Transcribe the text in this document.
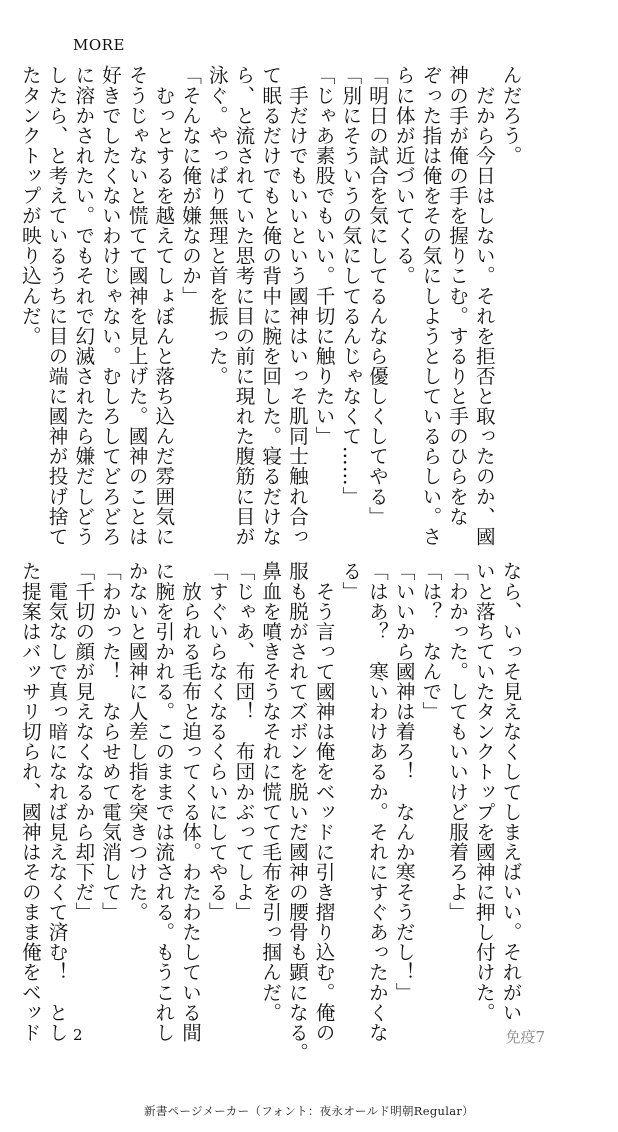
MORE
んだろう。
　だから今日はしない。それを拒否と取ったのか、國
神の手が俺の手を握りこむ。するりと手のひらをな
ぞった指は俺をその気にしようとしているらしい。さ
らに体が近づいてくる。
「明日の試合を気にしてるんなら優しくしてやる」
「別にそういうの気にしてるんじゃなくて……」
「じゃあ素股でもいい。千切に触りたい」
　手だけでもいいという國神はいっそ肌同士触れ合っ
て眠るだけでもと俺の背中に腕を回した。寝るだけな
ら、と流されていた思考に目の前に現れた腹筋に目が
泳ぐ。やっぱり無理と首を振った。
「そんなに俺が嫌なのか」
　むっとするを越えてしょぼんと落ち込んだ雰囲気に
そうじゃないと慌てて國神を見上げた。國神のことは
好きでしたくないわけじゃない。むしろしてどろどろ
に溶かされたい。でもそれで幻滅されたら嫌だしどう
したら、と考えているうちに目の端に國神が投げ捨て
たタンクトップが映り込んだ。
なら、いっそ見えなくしてしまえばいい。それがい
いと落ちていたタンクトップを國神に押し付けた。
「わかった。してもいいけど服着ろよ」
「は？　なんで」
「いいから國神は着ろ！　なんか寒そうだし！」
「はあ？　寒いわけあるか。それにすぐあったかくな
る」
　そう言って國神は俺をベッドに引き摺り込む。俺の
服も脱がされてズボンを脱いだ國神の腰骨も顕になる。
鼻血を噴きそうなそれに慌てて毛布を引っ掴んだ。
「じゃあ、布団！　布団かぶってしよ」
「すぐいらなくなるくらいにしてやる」
　放られる毛布と迫ってくる体。わたわたしている間
に腕を引かれる。このままでは流される。もうこれし
かないと國神に人差し指を突きつけた。
「わかった！　ならせめて電気消して」
「千切の顔が見えなくなるから却下だ」
　電気なしで真っ暗になれば見えなくて済む！　とし
た提案はバッサリ切られ、國神はそのまま俺をベッド 2	免疫7
新書ページメーカー（フォント：夜永オールド明朝Regular）
